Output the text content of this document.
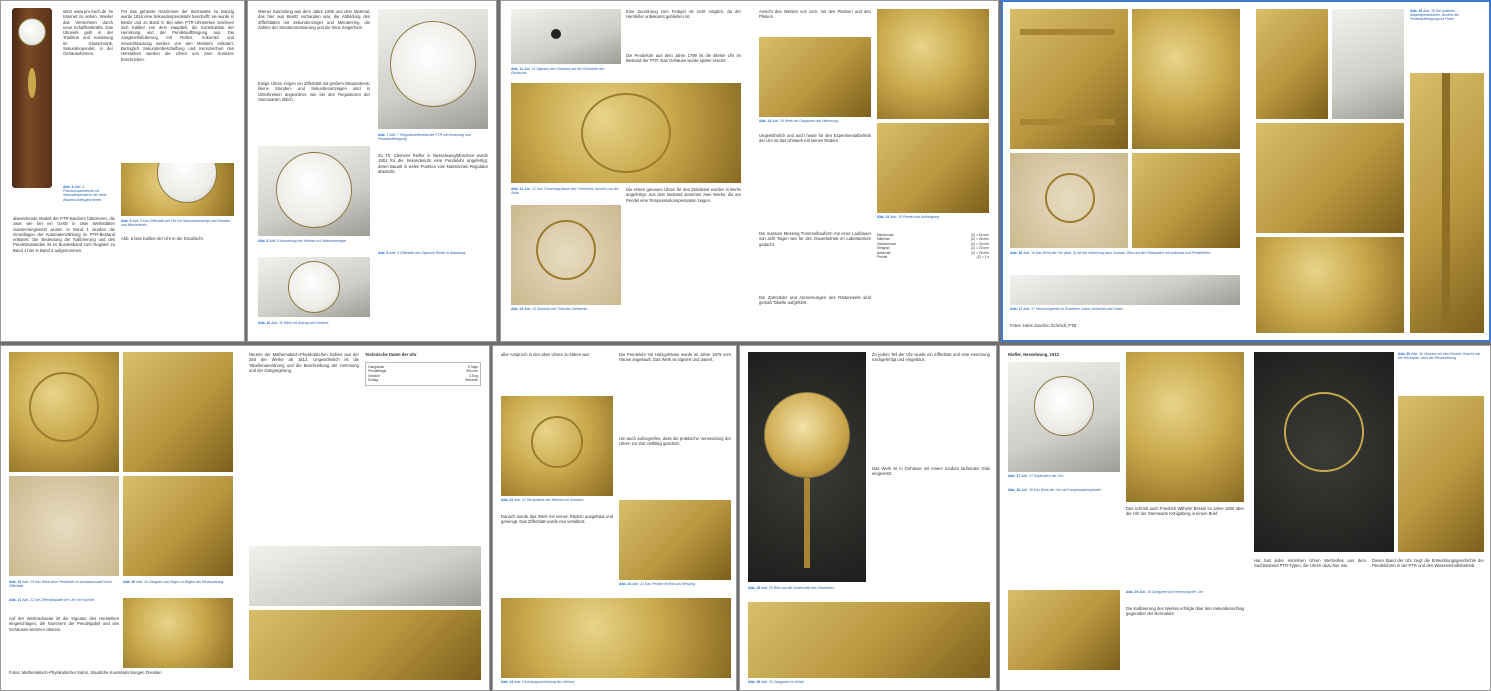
setzt www.pro-buch.de im Internet zu sehen. Wieder das Verrechnen durch neue Schaffenskräfte. Das Uhrwerk geht in der Tradition und Auslesung im Glasschrank, Sekundenpendel, in der Gehäuseformen.
Für das geheizte Hörzimmer der Sternwarte zu Danzig wurde 1816 eine Sekundenpendeluhr beschafft; sie wurde in Besitz und zu Band 8. Bei allen PTR-Uhrwerken zeichnen sich Kaliber von dem Hauptteil, die Konstruktion der Hemmung und der Pendelaufhängung aus. Die Ausgleichsfederung mit Rollen, Ankerrad und Gewichtsauszug werden von den Meistern erläutert. Bezüglich Sekundenbeschaffung und Kennzeichen des Herstellers werden die Uhren von zwei Kuriosen beschrieben.
Abb. 4 Abb. 4 Präzisionspendeluhr mit Sekundenpendel in der Halle Wissenschaftsgeschichte.
Abb. 5 Abb. 5 Das Zifferblatt der Uhr mit Sekundenanzeige und Stunden- und Minutenkreis.
abweichende Modell der PTR-Bauform fabrizieren, die zwar wie bei ein Gerät in zwei Werkstätten zusammengesetzt wurde. In Band 1 wurden die Grundlagen der Automatenzählung im PTR-Bestand erläutert. Die Bedeutung der Kalibrierung und des Pendelzustandes ist im Bundesband zum Register zu Band 1 hier in Band 2 aufgenommen.
Abb. 6 Das Kaliber der Uhr in der Draufsicht.
Wiener Sammlung aus dem Jahre 1905 und dem Material, das hier aus Besitz vorhanden war, die Abbildung des Zifferblattes mit Sekundenzeiger und Minutenring, die Zahlen der Stundenmarkierung und die feine Zeigerform.
Einige Uhren zeigen ein Zifferblatt mit großem Minutenkreis; kleine Stunden- und Sekundenanzeigen sind in Unterkreisen angeordnet, wie bei den Regulatoren der Sternwarten üblich.
Abb. 7 Abb. 7 Regulatorzifferblatt der PTR mit Hemmung und Pendelaufhängung.
Zu Th. Clemens Riefler in Nesselwang/München wurde 1891 für die Sekundenuhr eine Pendeluhr angefertigt, deren Bauart in vielen Punkten vom klassischen Regulator abweicht.
Abb. 8 Abb. 8 Anordnung des Werkes mit Sekundenzeiger.
Abb. 9 Abb. 9 Zifferblatt des Sigmund Riefler in Abbildung.
Abb. 10 Abb. 10 Werk mit Aufzug und Gewicht.
Eine Zuordnung zum Fertiger ist nicht möglich, da der Hersteller unbekannt geblieben ist.
Abb. 11 Abb. 11 Signatur des Uhrwerks auf der Rückseite des Gehäuses.
Die Pendeluhr aus dem Jahre 1799 ist die älteste Uhr im Bestand der PTR. Das Gehäuse wurde später ersetzt.
Abb. 12 Abb. 12 Das Trommelgehäuse des Uhrwerkes, Ansicht von der Seite.
Die ersten genauen Uhren für den Zeitdienst wurden in Berlin angefertigt. Aus dem Bestand stammen zwei Werke, die am Pendel eine Temperaturkompensation zeigen.
Abb. 13 Abb. 13 Zahnrad und Trieb des Gehwerks.
Ansicht des Werkes von vorn, mit den Platinen und den Pfeilern.
Abb. 14 Abb. 14 Werk mit Gangwerk und Hemmung.
Ungewöhnlich und auch heute für den Experimentalbetrieb der Uhr ist das Uhrwerk mit seinen Rädern.
Abb. 15 Abb. 15 Pendel und Aufhängung.
Die massive Messing-Trommelbauform mit einer Laufdauer von acht Tagen war für den Dauerbetrieb im Laboratorium gedacht.
Die Zahnräder und Abmessungen des Räderwerks sind gemäß Tabelle aufgeführt.
Minutenrad	(Z) = 64 mm
Mittelrad	(Z) = 46 mm
Zwischenrad	(Z) = 34 mm
Steigrad	(Z) = 30 mm
Ankerrad	(Z) = 28 mm
Pendel	(Z) = 1 s
Abb. 16 Abb. 16 Das Werk der Uhr (Abb. 5) mit der Hemmung nach Graham, Blick auf die Rückplatine mit Ankerrad und Pendelfeder.
Abb. 17 Abb. 17 Hemmungsteile im Einzelnen; Anker, Ankerrad und Gabel.
Fotos: Hans-Joachim Schmidt, PTB
Abb. 18 Abb. 18 Die späteren Magnetpendeluhren, Ansicht der Pendelaufhängung mit Feder.
Abb. 19 Abb. 19 Das Werk einer Pendeluhr im Ausbauzustand ohne Zifferblatt.
Abb. 20 Abb. 20 Gangrad und Zeiger zu Beginn der Restaurierung.
Abb. 21 Abb. 21 Die Zifferblattplatte der Uhr mit Inschrift.
Auf der Werkrückseite ist die Signatur des Herstellers eingeschlagen, die Nummern der Pendelgabel und des Gehäuses stimmen überein.
Fotos: Mathematisch-Physikalischer Salon, Staatliche Kunstsammlungen Dresden
Neuere der Mathematisch-Physikalischen Salons aus der Zeit der Werke ab 1812. Ungewöhnlich ist die Tabellenanordnung und die Beschreibung der Hemmung und der Gangregelung.
Technische Daten der Uhr
Gangdauer	8 Tage
Pendellänge	994 mm
Gewicht	3,5 kg
Schlag	Sekunde
aller Anspruch in den alten Uhren zu klären war.	Die Pendeluhr mit Holzgehäuse wurde im Jahre 1879 vom Hause angekauft. Das Werk ist signiert und datiert.
Abb. 22 Abb. 22 Rückplatine des Werkes mit Gehwerk.
Um auch aufzugreifen, dass die praktische Verwendung der Uhren zur Zeit vielfältig geschah.
Abb. 23 Abb. 23 Das Pendel mit Bob aus Messing.
Danach wurde das Werk mit seinen Rädern ausgebaut und gereinigt. Das Zifferblatt wurde neu versilbert.
Abb. 24 Abb. 24 Aufzugsvorrichtung des Werkes.
Abb. 25 Abb. 25 Blick auf die Vorderseite des Uhrwerkes.
Zu jedem Teil der Uhr wurde ein Zifferblatt und eine Hemmung nachgefertigt und eingebaut.
Das Werk ist in Gehäuse mit einem rundum laufenden Glas eingesetzt.
Abb. 26 Abb. 26 Gangwerk im Detail.
Riefler, Nesselwang, 1912
Abb. 27 Abb. 27 Kupferstich der Uhr.
Das schrieb auch Friedrich Wilhelm Bessel im Jahre 1830 über die Uhr der Sternwarte Königsberg in einem Brief.
Abb. 28 Abb. 28 Das Werk der Uhr mit Kompensationspendel.
Abb. 29 Abb. 29 Gangwerk und Hemmung der Uhr.
Die Kalibrierung des Werkes erfolgte über den Sekundenschlag gegenüber der Normaluhr.
Abb. 30 Abb. 30 Uhrwerk mit dem Pendel, Ansicht von der Rückseite, nach der Restaurierung.
Hat fast jeder einzelnen Uhren Wertvolles aus dem Sachbestand PTR-Typen, die Uhren dazu hier wie.
Dieser Band der Uhr zeigt die Entwicklungsgeschichte der Pendeluhren in der PTR und den Wissenschaftsbetrieb.
